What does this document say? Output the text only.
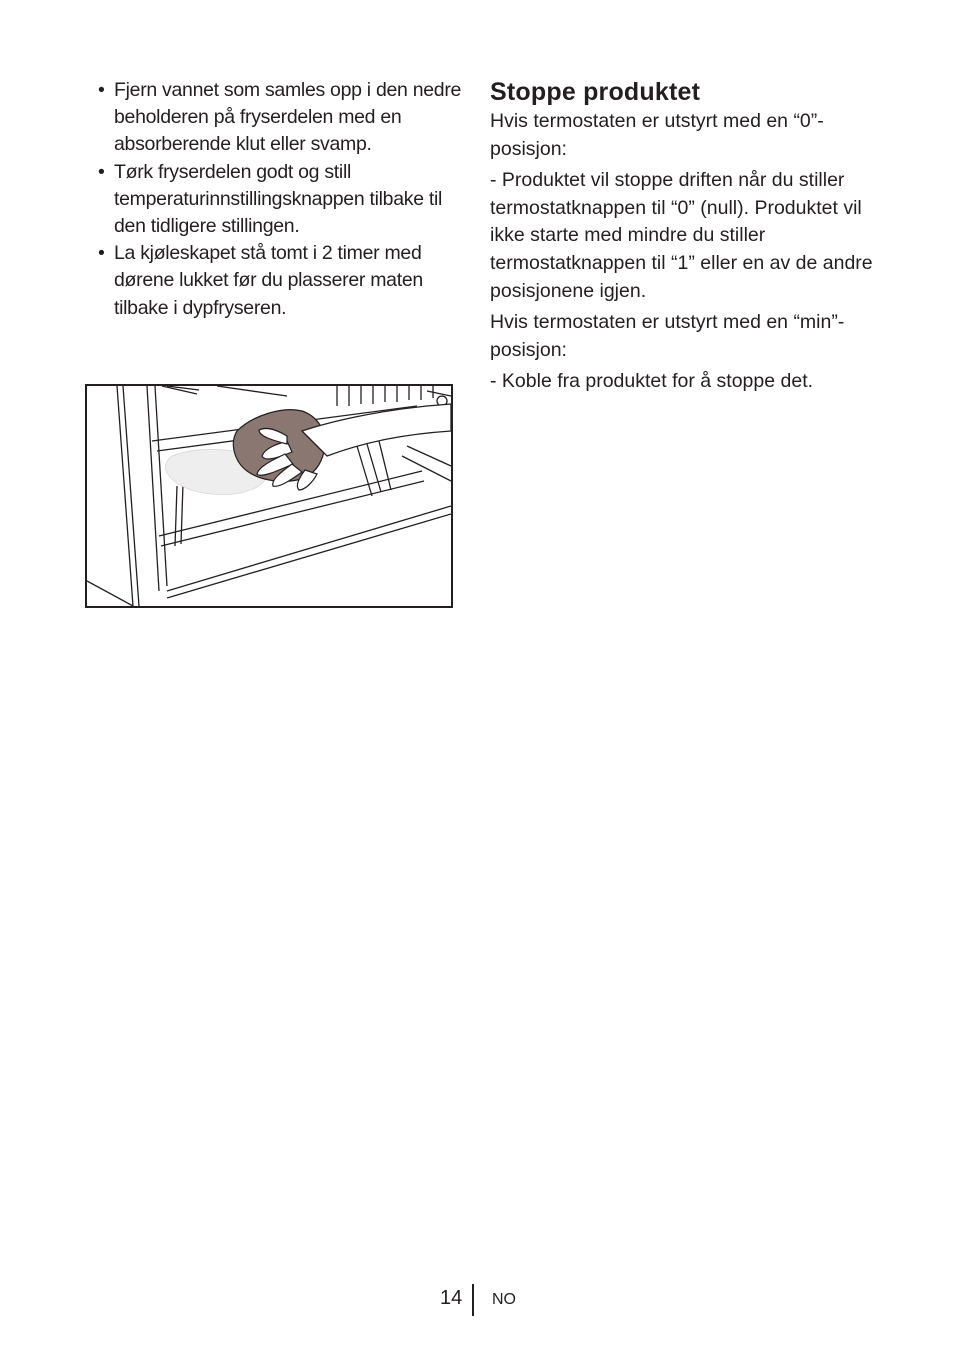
• Fjern vannet som samles opp i den nedre beholderen på fryserdelen med en absorberende klut eller svamp.

• Tørk fryserdelen godt og still temperaturinnstillingsknappen tilbake til den tidligere stillingen.

• La kjøleskapet stå tomt i 2 timer med dørene lukket før du plasserer maten tilbake i dypfryseren.

Stoppe produktet

Hvis termostaten er utstyrt med en “0”-posisjon:

- Produktet vil stoppe driften når du stiller termostatknappen til “0” (null). Produktet vil ikke starte med mindre du stiller termostatknappen til “1” eller en av de andre posisjonene igjen.

Hvis termostaten er utstyrt med en “min”-posisjon:

- Koble fra produktet for å stoppe det.

14 NO
